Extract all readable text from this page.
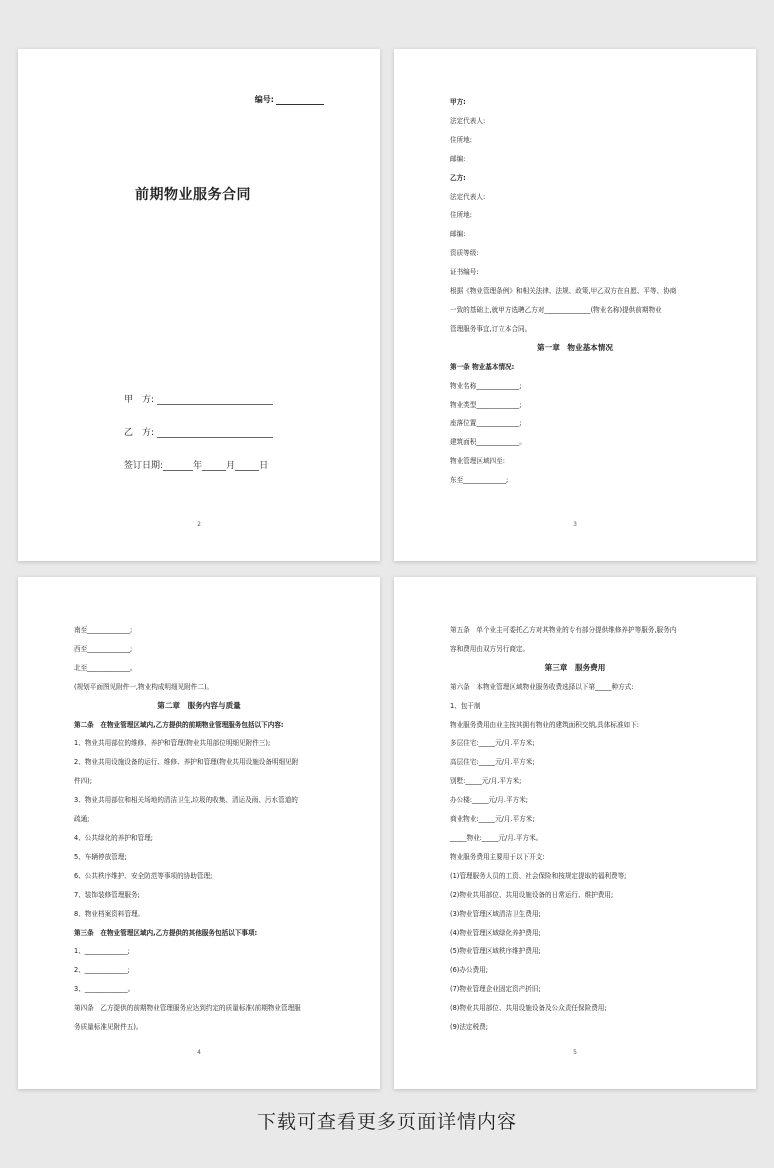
编号:
前期物业服务合同
甲　方:
乙　方:
签订日期:	年	月	日
2
甲方:
法定代表人:
住所地:
邮编:
乙方:
法定代表人:
住所地:
邮编:
资质等级:
证书编号:
根据《物业管理条例》和相关法律、法规、政策,甲乙双方在自愿、平等、协商
一致的基础上,就甲方选聘乙方对______________(物业名称)提供前期物业
管理服务事宜,订立本合同。
第一章　物业基本情况
第一条 物业基本情况:
物业名称_____________;
物业类型_____________;
座落位置_____________;
建筑面积_____________。
物业管理区域四至:
东至_____________;
3
南至_____________;
西至_____________;
北至_____________。
(规划平面图见附件一,物业构成明细见附件二)。
第二章　服务内容与质量
第二条　在物业管理区域内,乙方提供的前期物业管理服务包括以下内容:
1、物业共用部位的维修、养护和管理(物业共用部位明细见附件三);
2、物业共用设施设备的运行、维修、养护和管理(物业共用设施设备明细见附
件四);
3、物业共用部位和相关场地的清洁卫生,垃圾的收集、清运及雨、污水管道的
疏通;
4、公共绿化的养护和管理;
5、车辆停放管理;
6、公共秩序维护、安全防范等事项的协助管理;
7、装饰装修管理服务;
8、物业档案资料管理。
第三条　在物业管理区域内,乙方提供的其他服务包括以下事项:
1、_____________;
2、_____________;
3、_____________。
第四条　乙方提供的前期物业管理服务应达到约定的质量标准(前期物业管理服
务质量标准见附件五)。
4
第五条　单个业主可委托乙方对其物业的专有部分提供维修养护等服务,服务内
容和费用由双方另行商定。
第三章　服务费用
第六条　本物业管理区域物业服务收费选择以下第_____种方式:
1、包干制
物业服务费用由业主按其拥有物业的建筑面积交纳,具体标准如下:
多层住宅:_____元/月.平方米;
高层住宅:_____元/月.平方米;
别墅:_____元/月.平方米;
办公楼:_____元/月.平方米;
商业物业:_____元/月.平方米;
_____物业:_____元/月.平方米。
物业服务费用主要用于以下开支:
(1)管理服务人员的工资、社会保险和按规定提取的福利费等;
(2)物业共用部位、共用设施设备的日常运行、维护费用;
(3)物业管理区域清洁卫生费用;
(4)物业管理区域绿化养护费用;
(5)物业管理区域秩序维护费用;
(6)办公费用;
(7)物业管理企业固定资产折旧;
(8)物业共用部位、共用设施设备及公众责任保险费用;
(9)法定税费;
5
下载可查看更多页面详情内容
